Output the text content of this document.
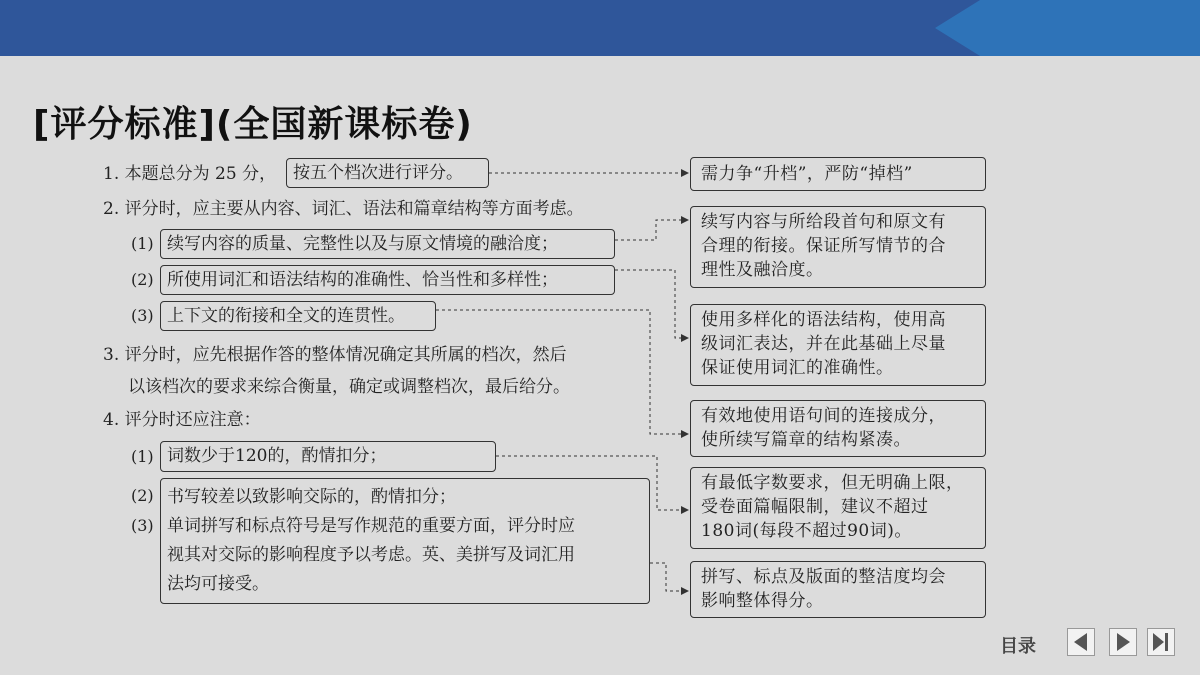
[评分标准](全国新课标卷)
1. 本题总分为 25 分， 按五个档次进行评分。
2. 评分时，应主要从内容、词汇、语法和篇章结构等方面考虑。
(1) 续写内容的质量、完整性以及与原文情境的融洽度；
(2) 所使用词汇和语法结构的准确性、恰当性和多样性；
(3) 上下文的衔接和全文的连贯性。
3. 评分时，应先根据作答的整体情况确定其所属的档次，然后
以该档次的要求来综合衡量，确定或调整档次，最后给分。
4. 评分时还应注意：
(1) 词数少于120的，酌情扣分；
(2)
(3)
书写较差以致影响交际的，酌情扣分；
单词拼写和标点符号是写作规范的重要方面，评分时应
视其对交际的影响程度予以考虑。英、美拼写及词汇用
法均可接受。
需力争“升档”，严防“掉档”
续写内容与所给段首句和原文有
合理的衔接。保证所写情节的合
理性及融洽度。
使用多样化的语法结构，使用高
级词汇表达，并在此基础上尽量
保证使用词汇的准确性。
有效地使用语句间的连接成分，
使所续写篇章的结构紧凑。
有最低字数要求，但无明确上限，
受卷面篇幅限制，建议不超过
180词(每段不超过90词)。
拼写、标点及版面的整洁度均会
影响整体得分。
目录
